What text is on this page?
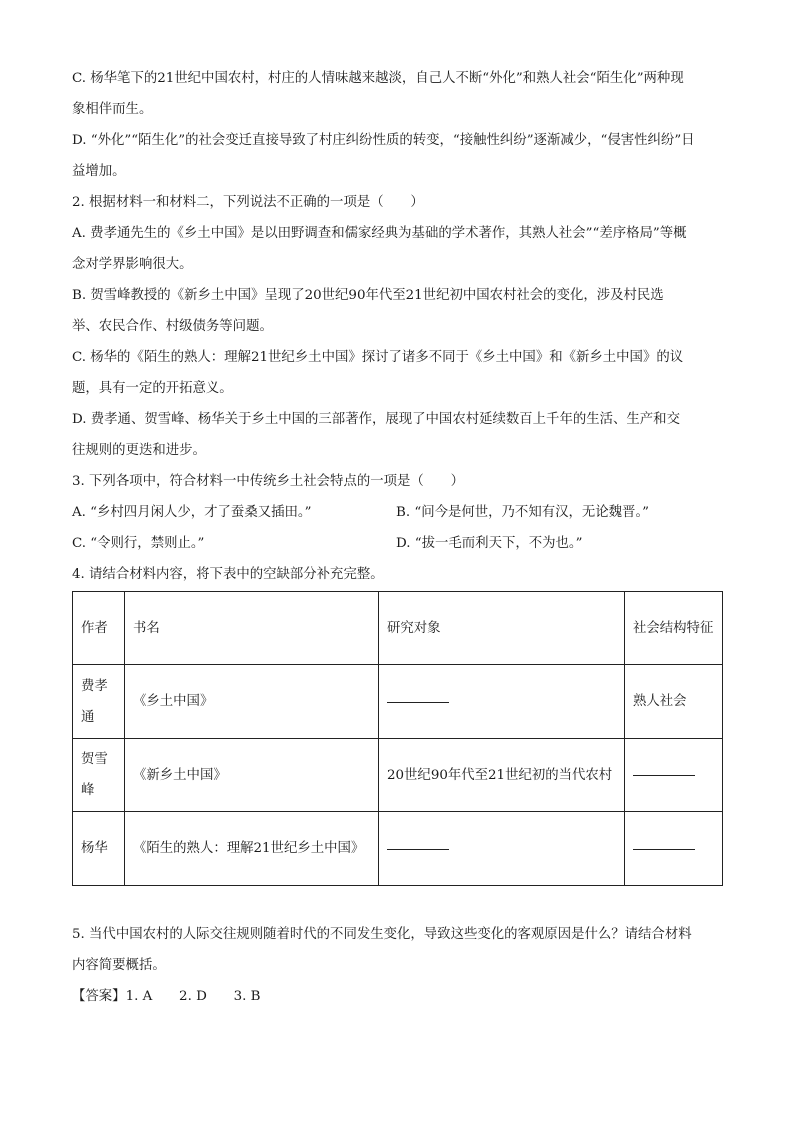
C. 杨华笔下的21世纪中国农村，村庄的人情味越来越淡，自己人不断“外化”和熟人社会“陌生化”两种现
象相伴而生。

D. “外化”“陌生化”的社会变迁直接导致了村庄纠纷性质的转变，“接触性纠纷”逐渐减少，“侵害性纠纷”日
益增加。

2. 根据材料一和材料二，下列说法不正确的一项是（　　）

A. 费孝通先生的《乡土中国》是以田野调查和儒家经典为基础的学术著作，其熟人社会”“差序格局”等概
念对学界影响很大。

B. 贺雪峰教授的《新乡土中国》呈现了20世纪90年代至21世纪初中国农村社会的变化，涉及村民选
举、农民合作、村级债务等问题。

C. 杨华的《陌生的熟人：理解21世纪乡土中国》探讨了诸多不同于《乡土中国》和《新乡土中国》的议
题，具有一定的开拓意义。

D. 费孝通、贺雪峰、杨华关于乡土中国的三部著作，展现了中国农村延续数百上千年的生活、生产和交
往规则的更迭和进步。

3. 下列各项中，符合材料一中传统乡土社会特点的一项是（　　）

A. “乡村四月闲人少，才了蚕桑又插田。”	B. “问今是何世，乃不知有汉，无论魏晋。”
C. “令则行，禁则止。”	D. “拔一毛而利天下，不为也。”

4. 请结合材料内容，将下表中的空缺部分补充完整。

作者	书名	研究对象	社会结构特征
费孝通	《乡土中国》		熟人社会
贺雪峰	《新乡土中国》	20世纪90年代至21世纪初的当代农村	
杨华	《陌生的熟人：理解21世纪乡土中国》		

5. 当代中国农村的人际交往规则随着时代的不同发生变化，导致这些变化的客观原因是什么？请结合材料
内容简要概括。

【答案】1. A　　2. D　　3. B
